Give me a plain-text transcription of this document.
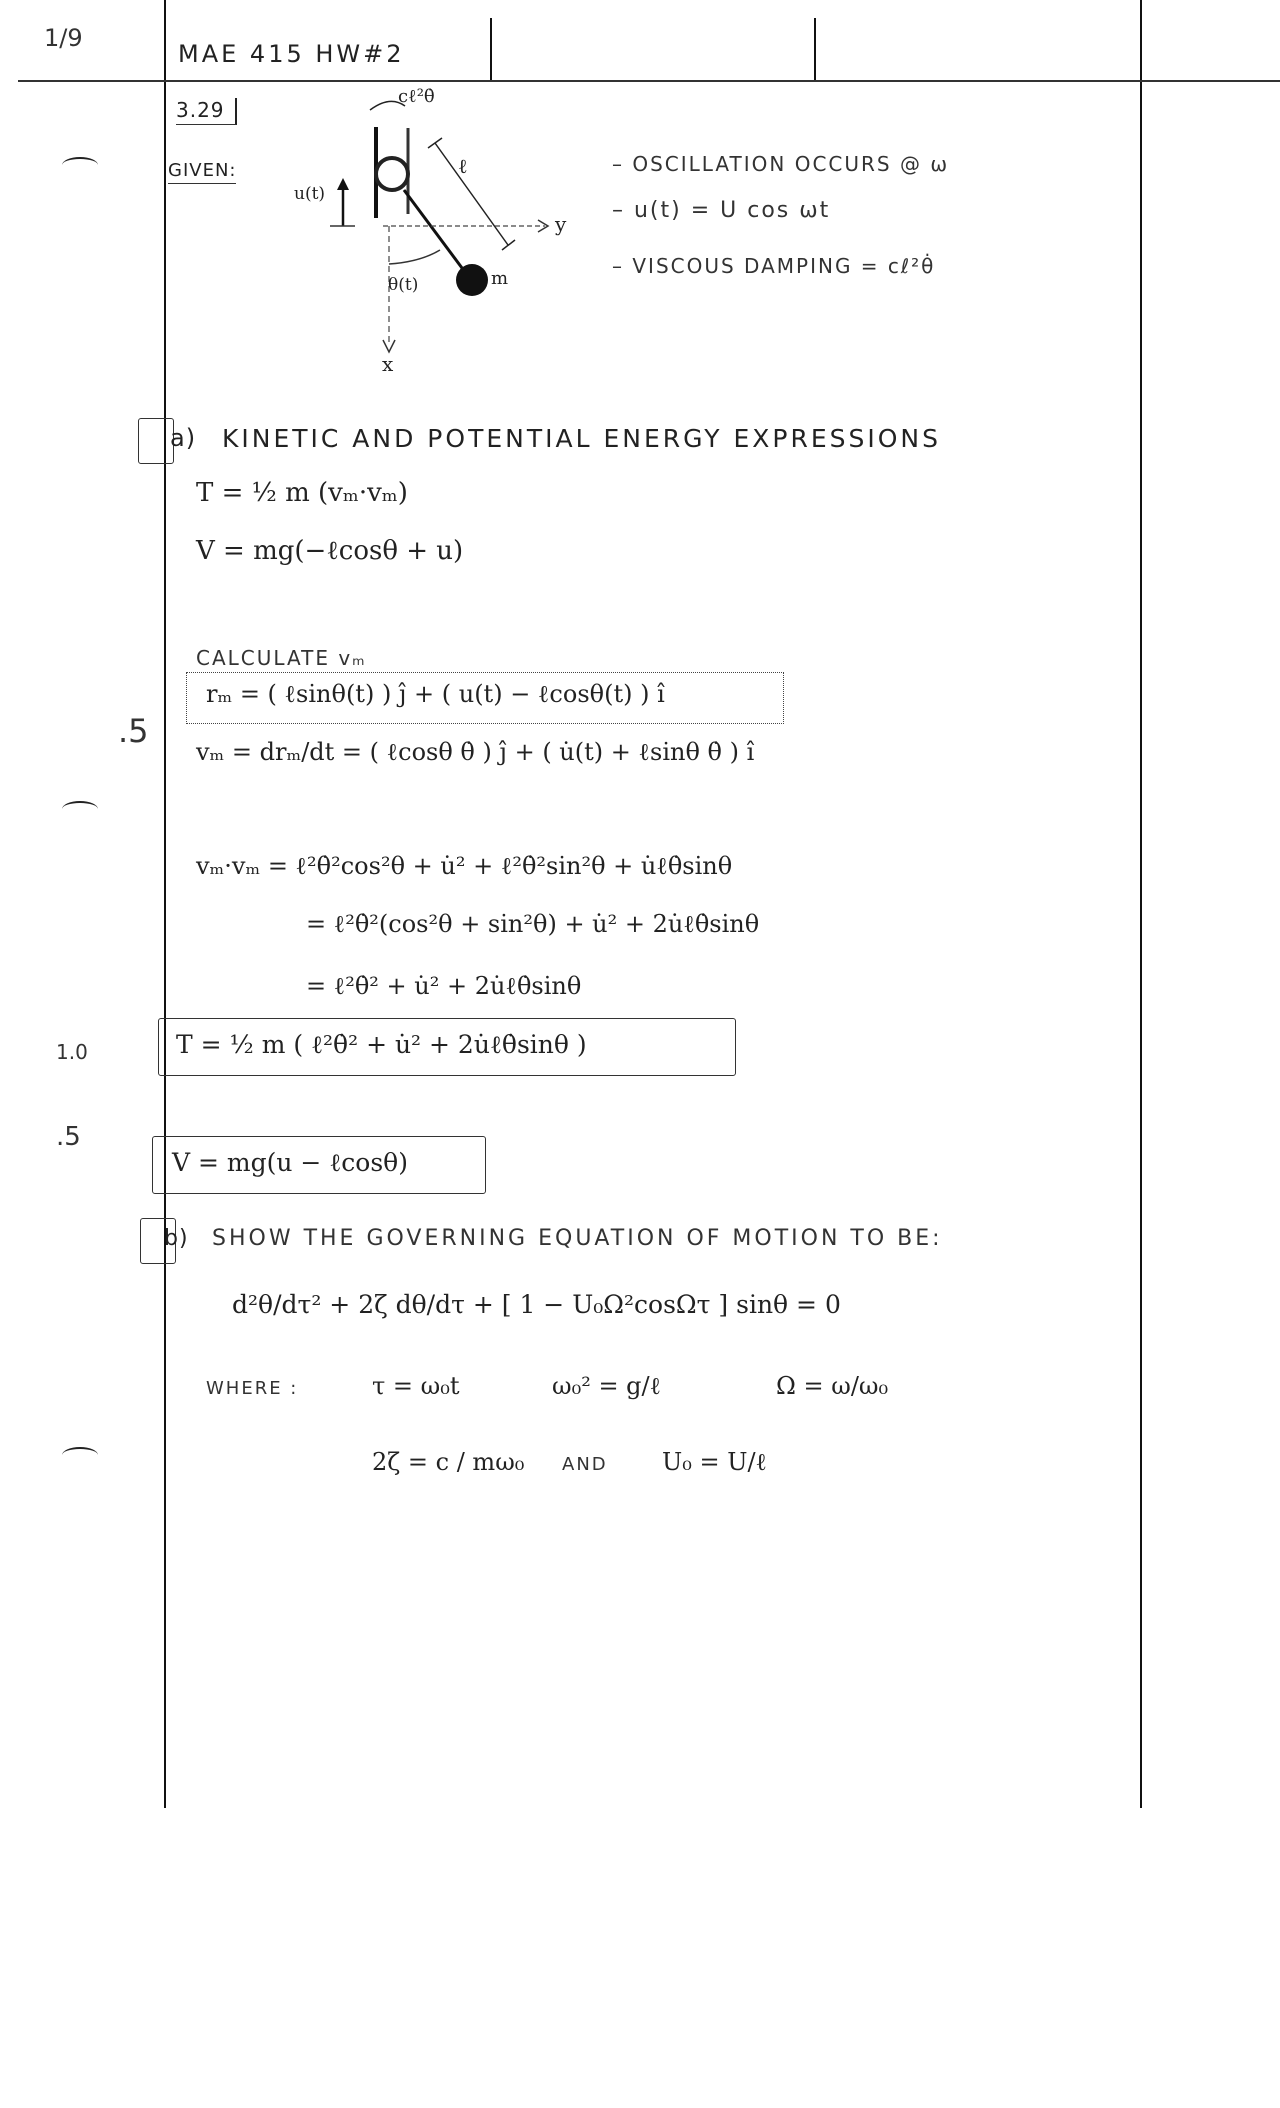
1/9
MAE 415 HW#2
3.29
GIVEN:
cℓ²θ̇
ℓ
u(t)
θ(t)	m
y
x
– OSCILLATION OCCURS @ ω
– u(t) = U cos ωt
– VISCOUS DAMPING = cℓ²θ̇
a) KINETIC AND POTENTIAL ENERGY EXPRESSIONS
T = ½ m (vₘ·vₘ)
V = mg(−ℓcosθ + u)
CALCULATE vₘ
.5
rₘ = ( ℓsinθ(t) ) ĵ + ( u(t) − ℓcosθ(t) ) î
vₘ = drₘ/dt = ( ℓcosθ θ̇ ) ĵ + ( u̇(t) + ℓsinθ θ̇ ) î
vₘ·vₘ = ℓ²θ̇²cos²θ + u̇² + ℓ²θ̇²sin²θ + u̇ℓθ̇sinθ
= ℓ²θ̇²(cos²θ + sin²θ) + u̇² + 2u̇ℓθ̇sinθ
= ℓ²θ̇² + u̇² + 2u̇ℓθ̇sinθ
1.0	T = ½ m ( ℓ²θ̇² + u̇² + 2u̇ℓθ̇sinθ )
.5
V = mg(u − ℓcosθ)
b) SHOW THE GOVERNING EQUATION OF MOTION TO BE:
d²θ/dτ² + 2ζ dθ/dτ + [ 1 − U₀Ω²cosΩτ ] sinθ = 0
WHERE :	τ = ω₀t	ω₀² = g/ℓ	Ω = ω/ω₀
2ζ = c / mω₀ AND U₀ = U/ℓ
